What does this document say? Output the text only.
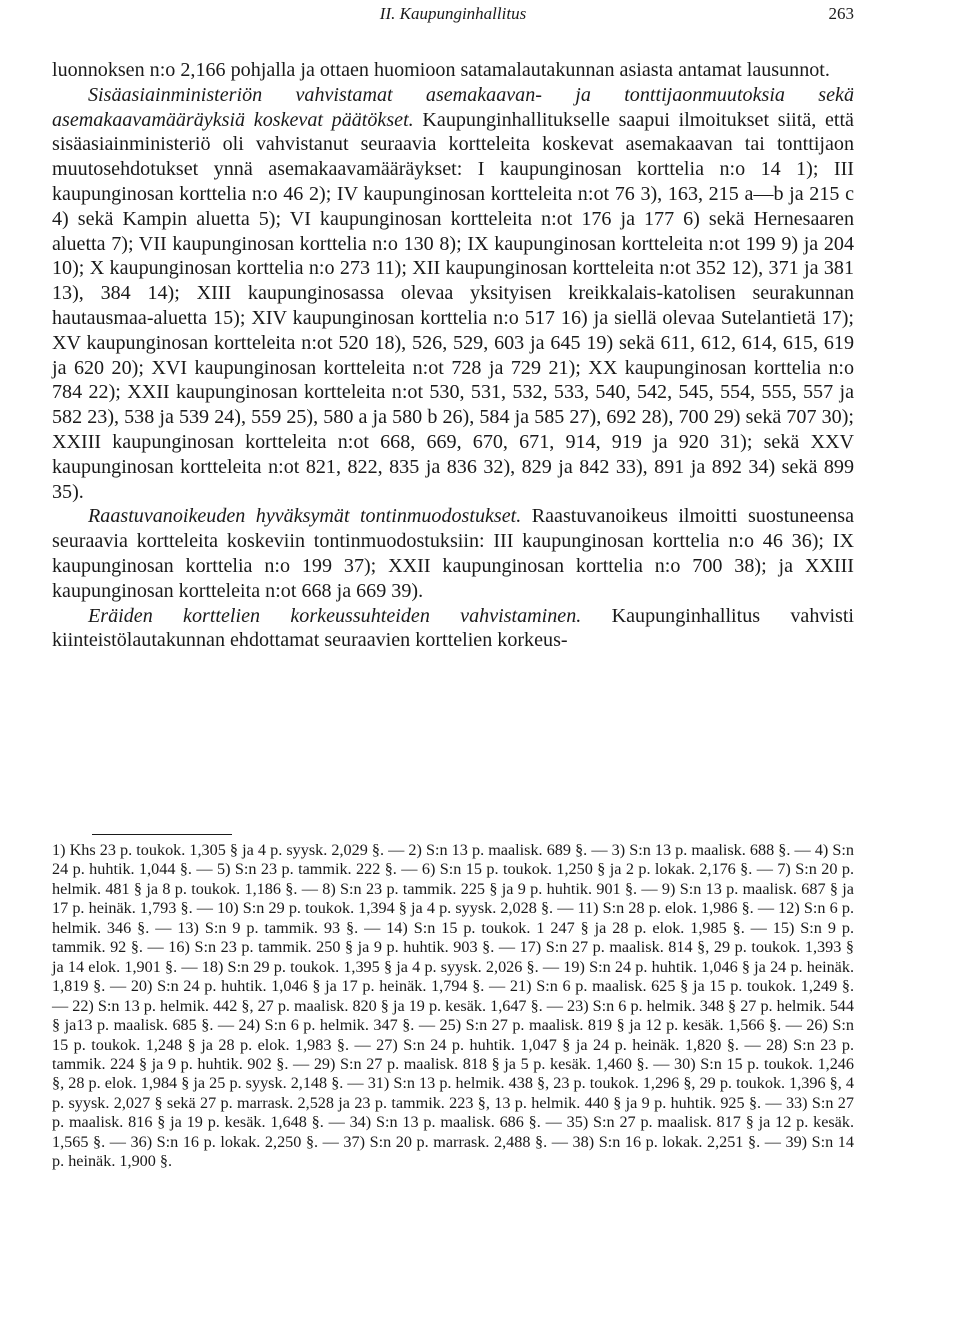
II. Kaupunginhallitus	263

luonnoksen n:o 2,166 pohjalla ja ottaen huomioon satamalautakunnan asiasta antamat lausunnot.

Sisäasiainministeriön vahvistamat asemakaavan- ja tonttijaonmuutoksia sekä asemakaavamääräyksiä koskevat päätökset. Kaupunginhallitukselle saapui ilmoitukset siitä, että sisäasiainministeriö oli vahvistanut seuraavia kortteleita koskevat asemakaavan tai tonttijaon muutosehdotukset ynnä asemakaavamääräykset: I kaupunginosan korttelia n:o 14 1); III kaupunginosan korttelia n:o 46 2); IV kaupunginosan kortteleita n:ot 76 3), 163, 215 a—b ja 215 c 4) sekä Kampin aluetta 5); VI kaupunginosan kortteleita n:ot 176 ja 177 6) sekä Hernesaaren aluetta 7); VII kaupunginosan korttelia n:o 130 8); IX kaupunginosan kortteleita n:ot 199 9) ja 204 10); X kaupunginosan korttelia n:o 273 11); XII kaupunginosan kortteleita n:ot 352 12), 371 ja 381 13), 384 14); XIII kaupunginosassa olevaa yksityisen kreikkalais-katolisen seurakunnan hautausmaa-aluetta 15); XIV kaupunginosan korttelia n:o 517 16) ja siellä olevaa Sutelantietä 17); XV kaupunginosan kortteleita n:ot 520 18), 526, 529, 603 ja 645 19) sekä 611, 612, 614, 615, 619 ja 620 20); XVI kaupunginosan kortteleita n:ot 728 ja 729 21); XX kaupunginosan korttelia n:o 784 22); XXII kaupunginosan kortteleita n:ot 530, 531, 532, 533, 540, 542, 545, 554, 555, 557 ja 582 23), 538 ja 539 24), 559 25), 580 a ja 580 b 26), 584 ja 585 27), 692 28), 700 29) sekä 707 30); XXIII kaupunginosan kortteleita n:ot 668, 669, 670, 671, 914, 919 ja 920 31); sekä XXV kaupunginosan kortteleita n:ot 821, 822, 835 ja 836 32), 829 ja 842 33), 891 ja 892 34) sekä 899 35).

Raastuvanoikeuden hyväksymät tontinmuodostukset. Raastuvanoikeus ilmoitti suostuneensa seuraavia kortteleita koskeviin tontinmuodostuksiin: III kaupunginosan korttelia n:o 46 36); IX kaupunginosan korttelia n:o 199 37); XXII kaupunginosan korttelia n:o 700 38); ja XXIII kaupunginosan kortteleita n:ot 668 ja 669 39).

Eräiden korttelien korkeussuhteiden vahvistaminen. Kaupunginhallitus vahvisti kiinteistölautakunnan ehdottamat seuraavien korttelien korkeus-

1) Khs 23 p. toukok. 1,305 § ja 4 p. syysk. 2,029 §. — 2) S:n 13 p. maalisk. 689 §. — 3) S:n 13 p. maalisk. 688 §. — 4) S:n 24 p. huhtik. 1,044 §. — 5) S:n 23 p. tammik. 222 §. — 6) S:n 15 p. toukok. 1,250 § ja 2 p. lokak. 2,176 §. — 7) S:n 20 p. helmik. 481 § ja 8 p. toukok. 1,186 §. — 8) S:n 23 p. tammik. 225 § ja 9 p. huhtik. 901 §. — 9) S:n 13 p. maalisk. 687 § ja 17 p. heinäk. 1,793 §. — 10) S:n 29 p. toukok. 1,394 § ja 4 p. syysk. 2,028 §. — 11) S:n 28 p. elok. 1,986 §. — 12) S:n 6 p. helmik. 346 §. — 13) S:n 9 p. tammik. 93 §. — 14) S:n 15 p. toukok. 1 247 § ja 28 p. elok. 1,985 §. — 15) S:n 9 p. tammik. 92 §. — 16) S:n 23 p. tammik. 250 § ja 9 p. huhtik. 903 §. — 17) S:n 27 p. maalisk. 814 §, 29 p. toukok. 1,393 § ja 14 elok. 1,901 §. — 18) S:n 29 p. toukok. 1,395 § ja 4 p. syysk. 2,026 §. — 19) S:n 24 p. huhtik. 1,046 § ja 24 p. heinäk. 1,819 §. — 20) S:n 24 p. huhtik. 1,046 § ja 17 p. heinäk. 1,794 §. — 21) S:n 6 p. maalisk. 625 § ja 15 p. toukok. 1,249 §. — 22) S:n 13 p. helmik. 442 §, 27 p. maalisk. 820 § ja 19 p. kesäk. 1,647 §. — 23) S:n 6 p. helmik. 348 § 27 p. helmik. 544 § ja13 p. maalisk. 685 §. — 24) S:n 6 p. helmik. 347 §. — 25) S:n 27 p. maalisk. 819 § ja 12 p. kesäk. 1,566 §. — 26) S:n 15 p. toukok. 1,248 § ja 28 p. elok. 1,983 §. — 27) S:n 24 p. huhtik. 1,047 § ja 24 p. heinäk. 1,820 §. — 28) S:n 23 p. tammik. 224 § ja 9 p. huhtik. 902 §. — 29) S:n 27 p. maalisk. 818 § ja 5 p. kesäk. 1,460 §. — 30) S:n 15 p. toukok. 1,246 §, 28 p. elok. 1,984 § ja 25 p. syysk. 2,148 §. — 31) S:n 13 p. helmik. 438 §, 23 p. toukok. 1,296 §, 29 p. toukok. 1,396 §, 4 p. syysk. 2,027 § sekä 27 p. marrask. 2,528 ja 23 p. tammik. 223 §, 13 p. helmik. 440 § ja 9 p. huhtik. 925 §. — 33) S:n 27 p. maalisk. 816 § ja 19 p. kesäk. 1,648 §. — 34) S:n 13 p. maalisk. 686 §. — 35) S:n 27 p. maalisk. 817 § ja 12 p. kesäk. 1,565 §. — 36) S:n 16 p. lokak. 2,250 §. — 37) S:n 20 p. marrask. 2,488 §. — 38) S:n 16 p. lokak. 2,251 §. — 39) S:n 14 p. heinäk. 1,900 §.
